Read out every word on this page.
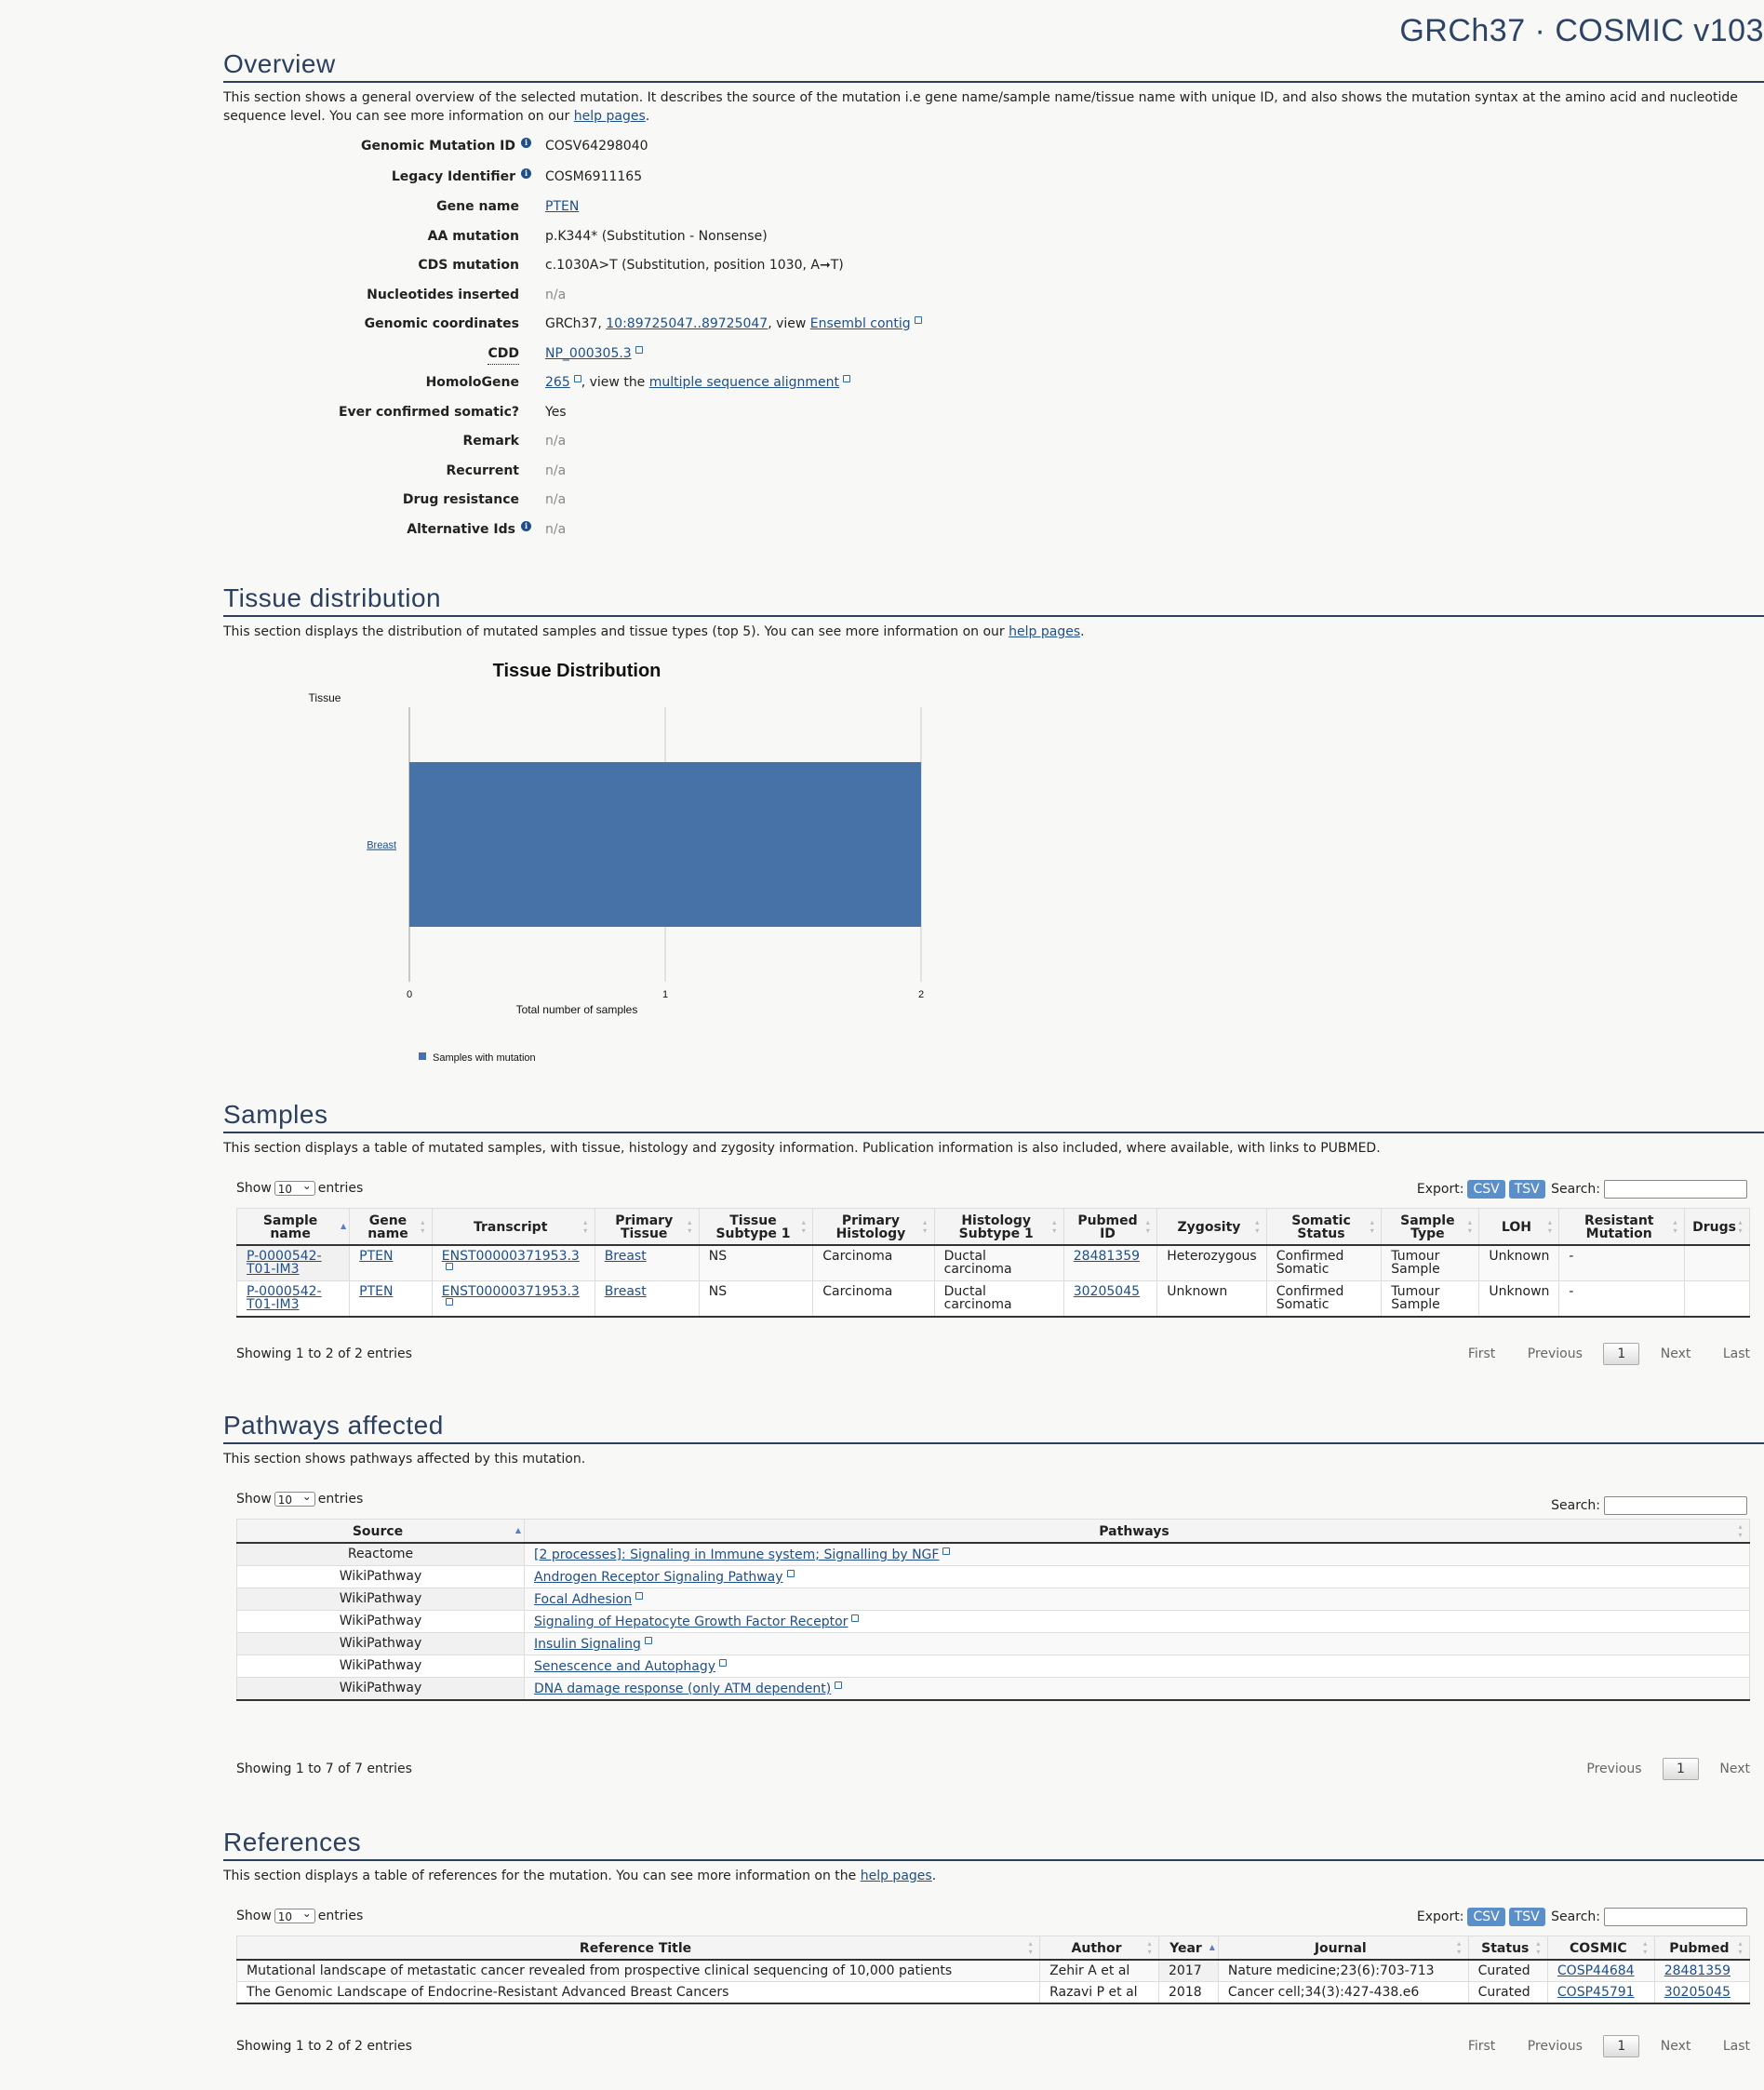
GRCh37 · COSMIC v103
Overview
This section shows a general overview of the selected mutation. It describes the source of the mutation i.e gene name/sample name/tissue name with unique ID, and also shows the mutation syntax at the amino acid and nucleotide sequence level. You can see more information on our help pages.
Genomic Mutation ID i COSV64298040
Legacy Identifier i COSM6911165
Gene name PTEN
AA mutation p.K344* (Substitution - Nonsense)
CDS mutation c.1030A>T (Substitution, position 1030, A➞T)
Nucleotides inserted n/a
Genomic coordinates GRCh37, 10:89725047..89725047, view Ensembl contig
CDD NP_000305.3
HomoloGene 265 , view the multiple sequence alignment
Ever confirmed somatic? Yes
Remark n/a
Recurrent n/a
Drug resistance n/a
Alternative Ids i n/a
Tissue distribution
This section displays the distribution of mutated samples and tissue types (top 5). You can see more information on our help pages.
Tissue Distribution
Tissue
Total number of samples
0	1	2
Breast
Samples with mutation
Samples
This section displays a table of mutated samples, with tissue, histology and zygosity information. Publication information is also included, where available, with links to PUBMED.
Show 10 ⌄ entries	Export: CSV TSV Search:
Sample name ▲	Gene name ▴▾	Transcript ▴▾	Primary Tissue ▴▾	Tissue Subtype 1 ▴▾	Primary Histology ▴▾	Histology Subtype 1 ▴▾	Pubmed ID ▴▾	Zygosity ▴▾	Somatic Status ▴▾	Sample Type ▴▾	LOH ▴▾	Resistant Mutation ▴▾	Drugs ▴▾
P-0000542-T01-IM3	PTEN	ENST00000371953.3	Breast	NS	Carcinoma	Ductal carcinoma	28481359	Heterozygous	Confirmed Somatic	Tumour Sample	Unknown	-	
P-0000542-T01-IM3	PTEN	ENST00000371953.3	Breast	NS	Carcinoma	Ductal carcinoma	30205045	Unknown	Confirmed Somatic	Tumour Sample	Unknown	-	
Showing 1 to 2 of 2 entries	First Previous	1	Next Last
Pathways affected
This section shows pathways affected by this mutation.
Show 10 ⌄ entries	Search:
Source ▲	Pathways ▴▾
Reactome	[2 processes]: Signaling in Immune system; Signalling by NGF
WikiPathway	Androgen Receptor Signaling Pathway
WikiPathway	Focal Adhesion
WikiPathway	Signaling of Hepatocyte Growth Factor Receptor
WikiPathway	Insulin Signaling
WikiPathway	Senescence and Autophagy
WikiPathway	DNA damage response (only ATM dependent)
Showing 1 to 7 of 7 entries	Previous	1	Next
References
This section displays a table of references for the mutation. You can see more information on the help pages.
Show 10 ⌄ entries	Export: CSV TSV Search:
Reference Title ▴▾	Author ▴▾	Year ▲	Journal ▴▾	Status ▴▾	COSMIC ▴▾	Pubmed ▴▾
Mutational landscape of metastatic cancer revealed from prospective clinical sequencing of 10,000 patients	Zehir A et al	2017	Nature medicine;23(6):703-713	Curated	COSP44684	28481359
The Genomic Landscape of Endocrine-Resistant Advanced Breast Cancers	Razavi P et al	2018	Cancer cell;34(3):427-438.e6	Curated	COSP45791	30205045
Showing 1 to 2 of 2 entries	First Previous	1	Next Last
